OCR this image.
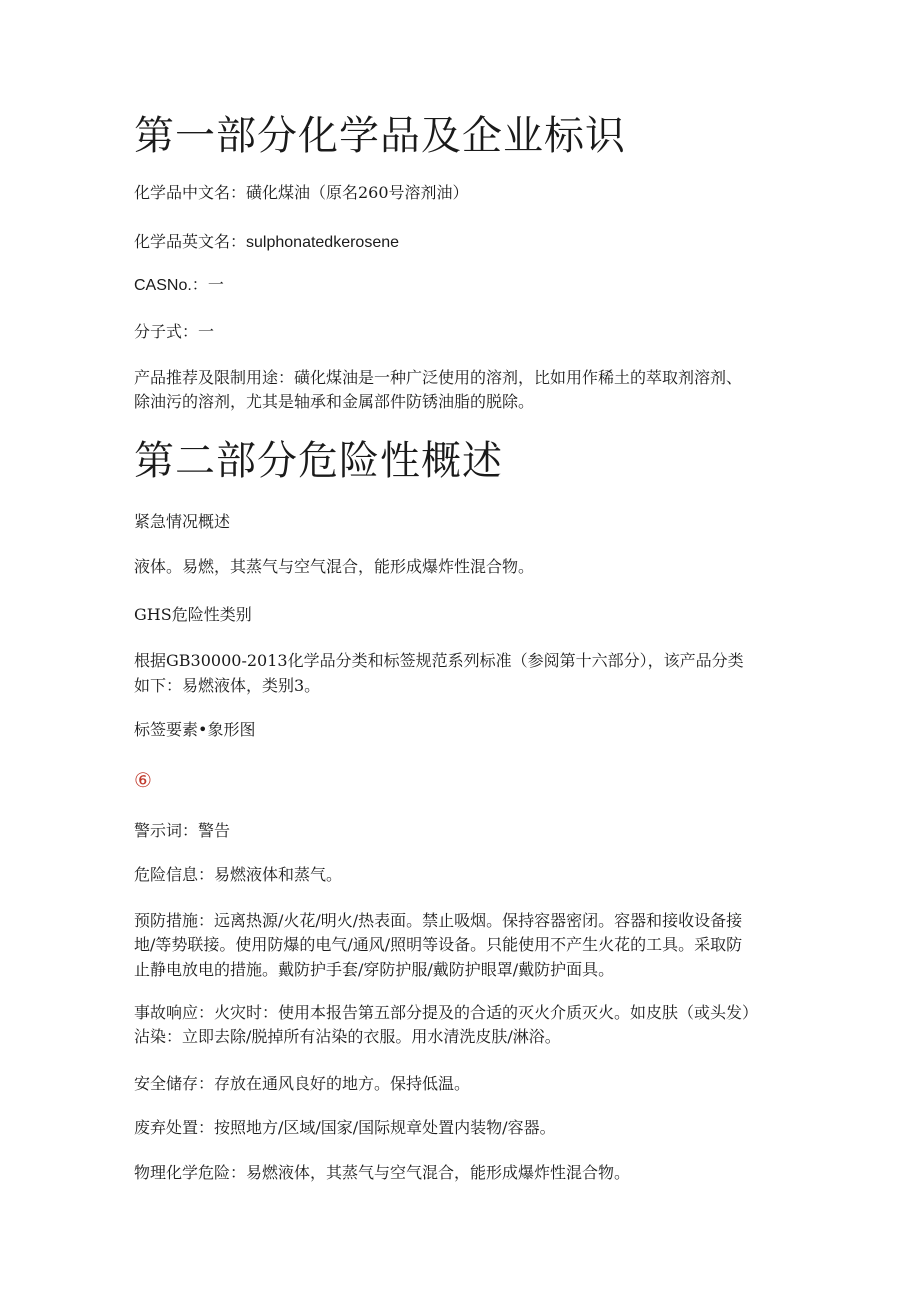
第一部分化学品及企业标识

化学品中文名：磺化煤油（原名260号溶剂油）

化学品英文名：sulphonatedkerosene

CASNo.：一

分子式：一

产品推荐及限制用途：磺化煤油是一种广泛使用的溶剂，比如用作稀土的萃取剂溶剂、

除油污的溶剂，尤其是轴承和金属部件防锈油脂的脱除。

第二部分危险性概述

紧急情况概述

液体。易燃，其蒸气与空气混合，能形成爆炸性混合物。

GHS危险性类别

根据GB30000-2013化学品分类和标签规范系列标准（参阅第十六部分），该产品分类

如下：易燃液体，类别3。

标签要素•象形图

⑥

警示词：警告

危险信息：易燃液体和蒸气。

预防措施：远离热源/火花/明火/热表面。禁止吸烟。保持容器密闭。容器和接收设备接

地/等势联接。使用防爆的电气/通风/照明等设备。只能使用不产生火花的工具。采取防

止静电放电的措施。戴防护手套/穿防护服/戴防护眼罩/戴防护面具。

事故响应：火灾时：使用本报告第五部分提及的合适的灭火介质灭火。如皮肤（或头发）

沾染：立即去除/脱掉所有沾染的衣服。用水清洗皮肤/淋浴。

安全储存：存放在通风良好的地方。保持低温。

废弃处置：按照地方/区域/国家/国际规章处置内装物/容器。

物理化学危险：易燃液体，其蒸气与空气混合，能形成爆炸性混合物。
